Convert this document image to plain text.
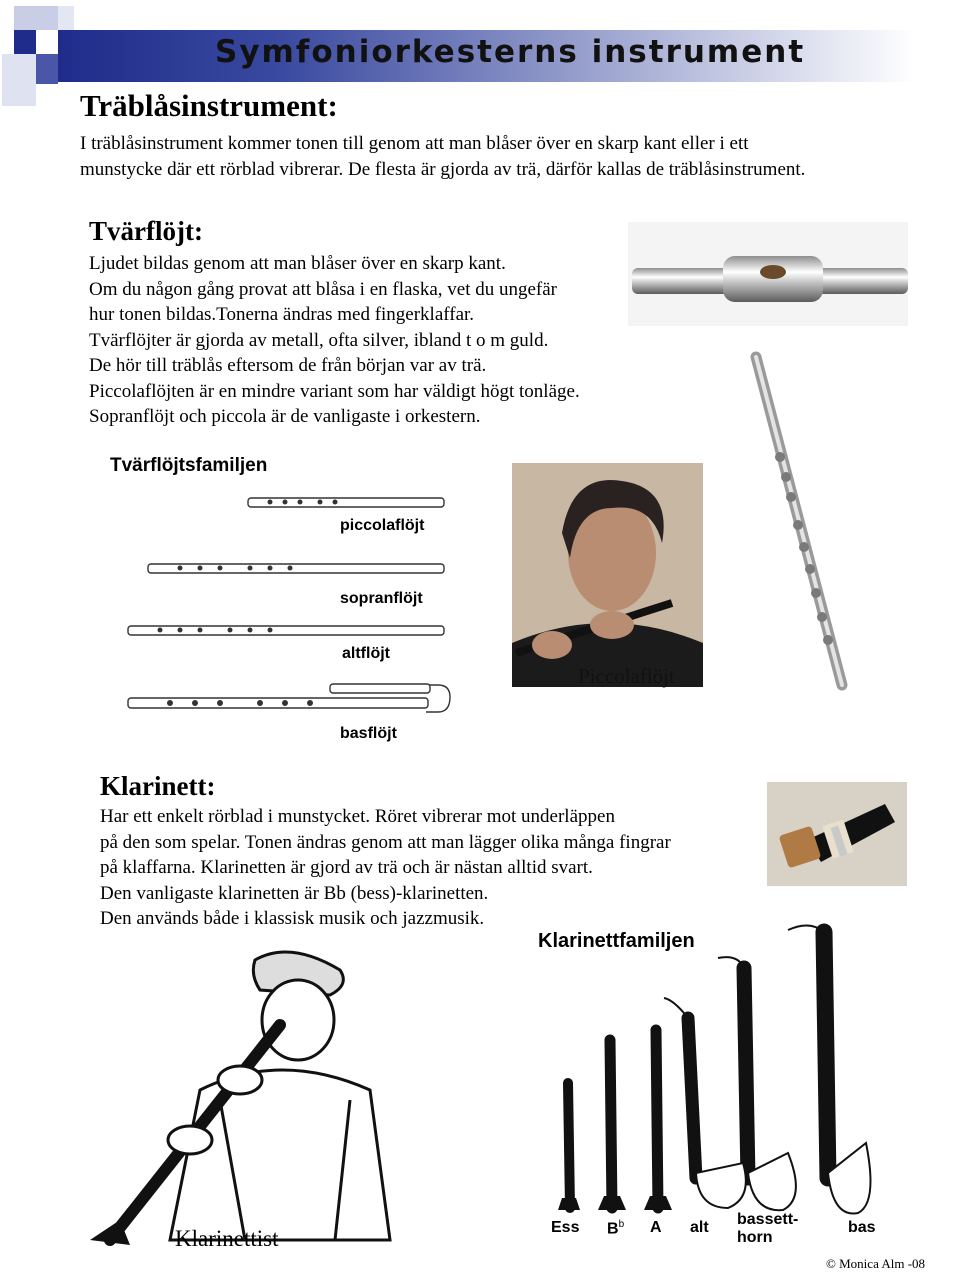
Symfoniorkesterns instrument
Träblåsinstrument:
I träblåsinstrument kommer tonen till genom att man blåser över en skarp kant eller i ett
munstycke där ett rörblad vibrerar. De flesta är gjorda av trä, därför kallas de träblåsinstrument.
Tvärflöjt:
Ljudet bildas genom att man blåser över en skarp kant.
Om du någon gång provat att blåsa i en flaska, vet du ungefär
hur tonen bildas.Tonerna ändras med fingerklaffar.
Tvärflöjter är gjorda av metall, ofta silver, ibland t o m guld.
De hör till träblås eftersom de från början var av trä.
Piccolaflöjten är en mindre variant som har väldigt högt tonläge.
Sopranflöjt och piccola är de vanligaste i orkestern.
Tvärflöjtsfamiljen
piccolaflöjt
sopranflöjt
altflöjt
basflöjt
Piccolaflöjt
Klarinett:
Har ett enkelt rörblad i munstycket. Röret vibrerar mot underläppen
på den som spelar. Tonen ändras genom att man lägger olika många fingrar
på klaffarna. Klarinetten är gjord av trä och är nästan alltid svart.
Den vanligaste klarinetten är Bb (bess)-klarinetten.
Den används både i klassisk musik och jazzmusik.
Klarinettist
Klarinettfamiljen
Ess $B^b$ A alt bassett-
horn
bas
© Monica Alm -08
